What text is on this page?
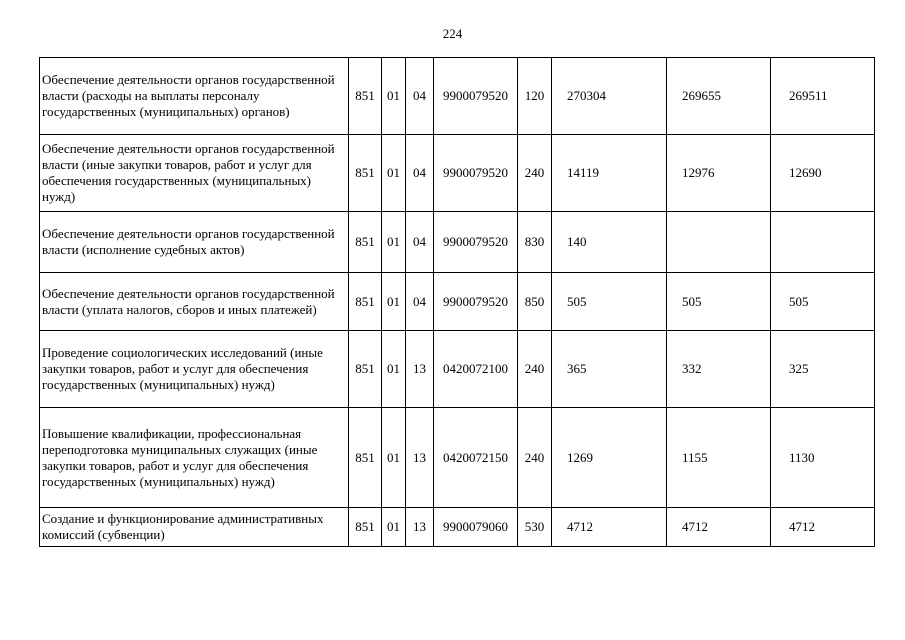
224
Обеспечение деятельности органов государственной власти (расходы на выплаты персоналу государственных (муниципальных) органов)	851	01	04	9900079520	120	270304	269655	269511
Обеспечение деятельности органов государственной власти (иные закупки товаров, работ и услуг для обеспечения государственных (муниципальных) нужд)	851	01	04	9900079520	240	14119	12976	12690
Обеспечение деятельности органов государственной власти (исполнение судебных актов)	851	01	04	9900079520	830	140		
Обеспечение деятельности органов государственной власти (уплата налогов, сборов и иных платежей)	851	01	04	9900079520	850	505	505	505
Проведение социологических исследований (иные закупки товаров, работ и услуг для обеспечения государственных (муниципальных) нужд)	851	01	13	0420072100	240	365	332	325
Повышение квалификации, профессиональная переподготовка муниципальных служащих (иные закупки товаров, работ и услуг для обеспечения государственных (муниципальных) нужд)	851	01	13	0420072150	240	1269	1155	1130
Создание и функционирование административных комиссий (субвенции)	851	01	13	9900079060	530	4712	4712	4712
